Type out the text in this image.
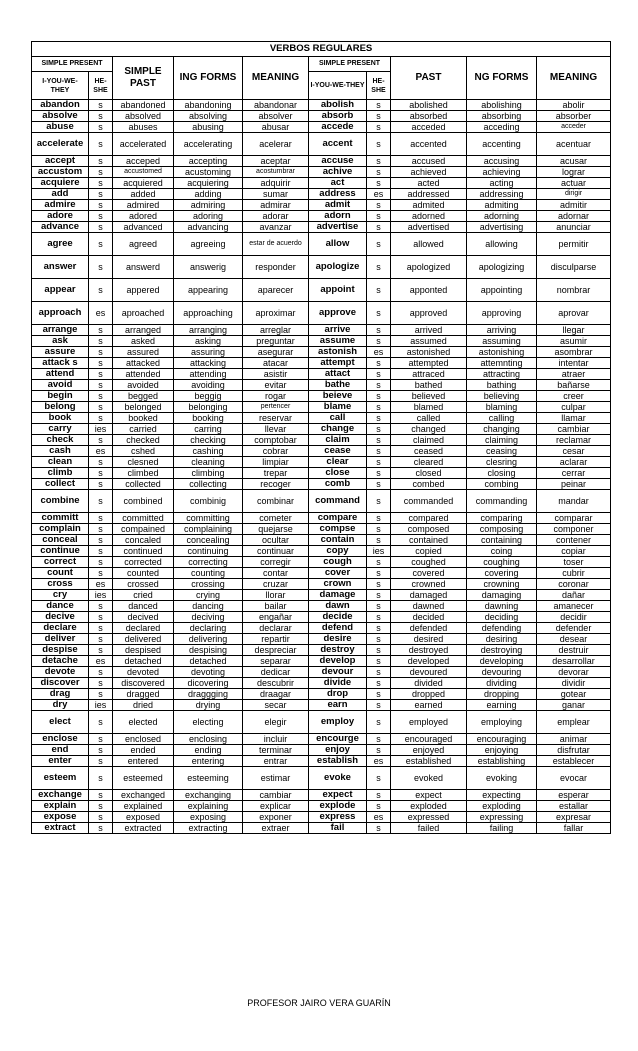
VERBOS REGULARES									
SIMPLE PRESENT		SIMPLE PAST	ING FORMS	MEANING	SIMPLE PRESENT		PAST	NG FORMS	MEANING
I-YOU-WE-THEY	HE-SHE				I-YOU-WE-THEY	HE-SHE			
abandon	s	abandoned	abandoning	abandonar	abolish	s	abolished	abolishing	abolir
absolve	s	absolved	absolving	absolver	absorb	s	absorbed	absorbing	absorber
abuse	s	abuses	abusing	abusar	accede	s	acceded	acceding	acceder
accelerate	s	accelerated	accelerating	acelerar	accent	s	accented	accenting	acentuar
accept	s	acceped	accepting	aceptar	accuse	s	accused	accusing	acusar
accustom	s	accustomed	acustoming	acostumbrar	achive	s	achieved	achieving	lograr
acquiere	s	acquiered	acquiering	adquirir	act	s	acted	acting	actuar
add	s	added	adding	sumar	address	es	addressed	addressing	dirigir
admire	s	admired	admiring	admirar	admit	s	admited	admiting	admitir
adore	s	adored	adoring	adorar	adorn	s	adorned	adorning	adornar
advance	s	advanced	advancing	avanzar	advertise	s	advertised	advertising	anunciar
agree	s	agreed	agreeing	estar de acuerdo	allow	s	allowed	allowing	permitir
answer	s	answerd	answerig	responder	apologize	s	apologized	apologizing	disculparse
appear	s	appered	appearing	aparecer	appoint	s	apponted	appointing	nombrar
approach	es	aproached	approaching	aproximar	approve	s	approved	approving	aprovar
arrange	s	arranged	arranging	arreglar	arrive	s	arrived	arriving	llegar
ask	s	asked	asking	preguntar	assume	s	assumed	assuming	asumir
assure	s	assured	assuring	asegurar	astonish	es	astonished	astonishing	asombrar
attack s	s	attacked	attacking	atacar	attempt	s	attempted	attemnting	intentar
attend	s	attended	attending	asistir	attact	s	attraced	attracting	atraer
avoid	s	avoided	avoiding	evitar	bathe	s	bathed	bathing	bañarse
begin	s	begged	beggig	rogar	beieve	s	believed	believing	creer
belong	s	belonged	belonging	pertencer	blame	s	blamed	blaming	culpar
book	s	booked	booking	reservar	call	s	called	calling	llamar
carry	ies	carried	carring	llevar	change	s	changed	changing	cambiar
check	s	checked	checking	comptobar	claim	s	claimed	claiming	reclamar
cash	es	cshed	cashing	cobrar	cease	s	ceased	ceasing	cesar
clean	s	clesned	cleaning	limpiar	clear	s	cleared	clesring	aclarar
climb	s	climbed	climbing	trepar	close	s	closed	closing	cerrar
collect	s	collected	collecting	recoger	comb	s	combed	combing	peinar
combine	s	combined	combinig	combinar	command	s	commanded	commanding	mandar
committ	s	committed	committing	cometer	compare	s	compared	comparing	comparar
complain	s	compained	complaining	quejarse	compse	s	composed	composing	componer
conceal	s	concaled	concealing	ocultar	contain	s	contained	containing	contener
continue	s	continued	continuing	continuar	copy	ies	copied	coing	copiar
correct	s	corrected	correcting	corregir	cough	s	coughed	coughing	toser
count	s	counted	counting	contar	cover	s	covered	covering	cubrir
cross	es	crossed	crossing	cruzar	crown	s	crowned	crowning	coronar
cry	ies	cried	crying	llorar	damage	s	damaged	damaging	dañar
dance	s	danced	dancing	bailar	dawn	s	dawned	dawning	amanecer
decive	s	decived	deciving	engañar	decide	s	decided	deciding	decidir
declare	s	declared	declaring	declarar	defend	s	defended	defending	defender
deliver	s	delivered	delivering	repartir	desire	s	desired	desiring	desear
despise	s	despised	despising	despreciar	destroy	s	destroyed	destroying	destruir
detache	es	detached	detached	separar	develop	s	developed	developing	desarrollar
devote	s	devoted	devoting	dedicar	devour	s	devoured	devouring	devorar
discover	s	discovered	dicovering	descubrir	divide	s	divided	dividing	dividir
drag	s	dragged	draggging	draagar	drop	s	dropped	dropping	gotear
dry	ies	dried	drying	secar	earn	s	earned	earning	ganar
elect	s	elected	electing	elegir	employ	s	employed	employing	emplear
enclose	s	enclosed	enclosing	incluir	encourge	s	encouraged	encouraging	animar
end	s	ended	ending	terminar	enjoy	s	enjoyed	enjoying	disfrutar
enter	s	entered	entering	entrar	establish	es	established	establishing	establecer
esteem	s	esteemed	esteeming	estimar	evoke	s	evoked	evoking	evocar
exchange	s	exchanged	exchanging	cambiar	expect	s	expect	expecting	esperar
explain	s	explained	explaining	explicar	explode	s	exploded	exploding	estallar
expose	s	exposed	exposing	exponer	express	es	expressed	expressing	expresar
extract	s	extracted	extracting	extraer	fail	s	failed	failing	fallar
PROFESOR JAIRO VERA GUARÍN
